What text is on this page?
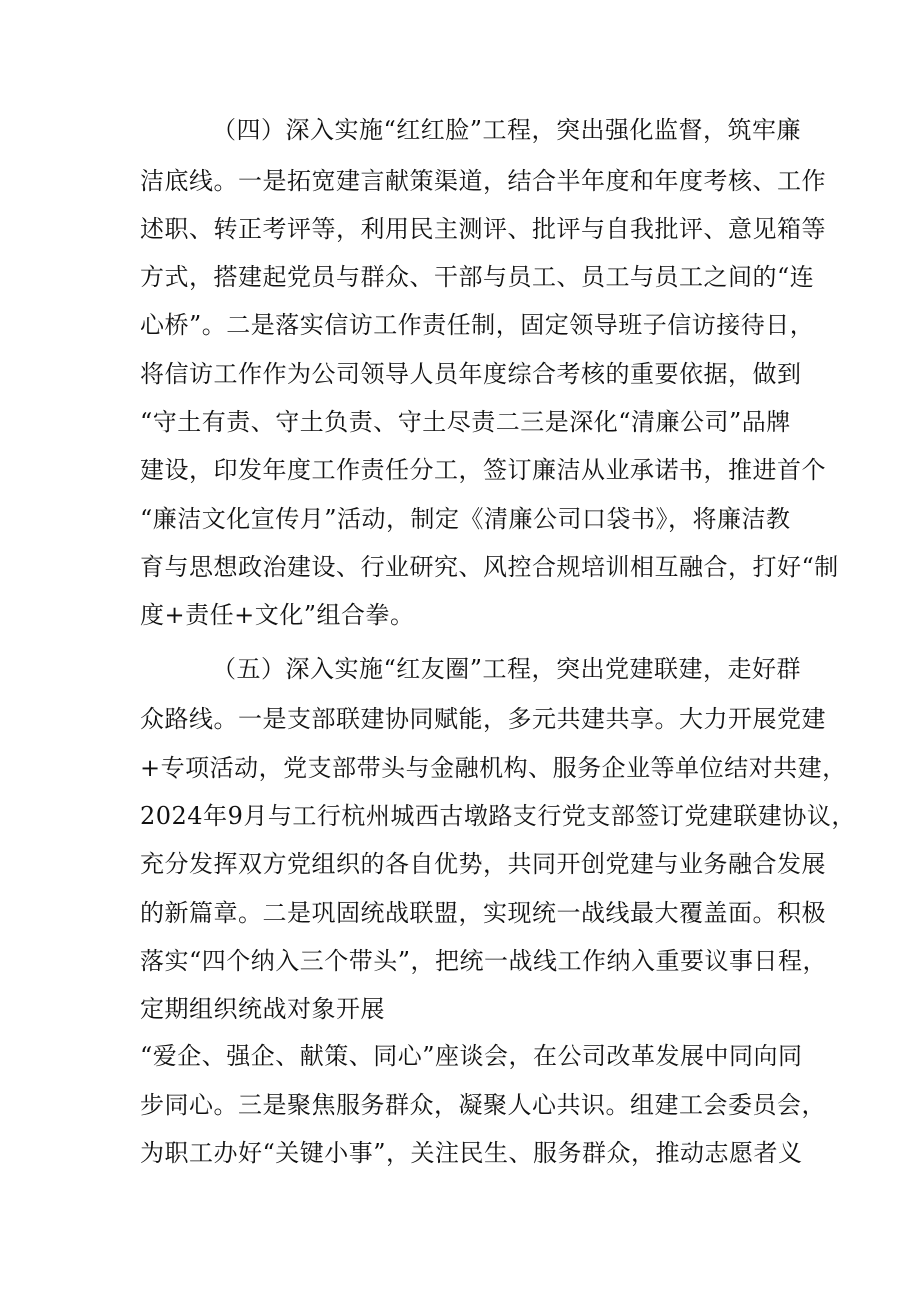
（四）深入实施“红红脸”工程，突出强化监督，筑牢廉
洁底线。一是拓宽建言献策渠道，结合半年度和年度考核、工作
述职、转正考评等，利用民主测评、批评与自我批评、意见箱等
方式，搭建起党员与群众、干部与员工、员工与员工之间的“连
心桥”。二是落实信访工作责任制，固定领导班子信访接待日，
将信访工作作为公司领导人员年度综合考核的重要依据，做到
“守土有责、守土负责、守土尽责二三是深化“清廉公司”品牌
建设，印发年度工作责任分工，签订廉洁从业承诺书，推进首个
“廉洁文化宣传月”活动，制定《清廉公司口袋书》，将廉洁教
育与思想政治建设、行业研究、风控合规培训相互融合，打好“制
度+责任+文化”组合拳。
（五）深入实施“红友圈”工程，突出党建联建，走好群
众路线。一是支部联建协同赋能，多元共建共享。大力开展党建
+专项活动，党支部带头与金融机构、服务企业等单位结对共建，
2024年9月与工行杭州城西古墩路支行党支部签订党建联建协议，
充分发挥双方党组织的各自优势，共同开创党建与业务融合发展
的新篇章。二是巩固统战联盟，实现统一战线最大覆盖面。积极
落实“四个纳入三个带头”，把统一战线工作纳入重要议事日程，
定期组织统战对象开展
“爱企、强企、献策、同心”座谈会，在公司改革发展中同向同
步同心。三是聚焦服务群众，凝聚人心共识。组建工会委员会，
为职工办好“关键小事”，关注民生、服务群众，推动志愿者义
